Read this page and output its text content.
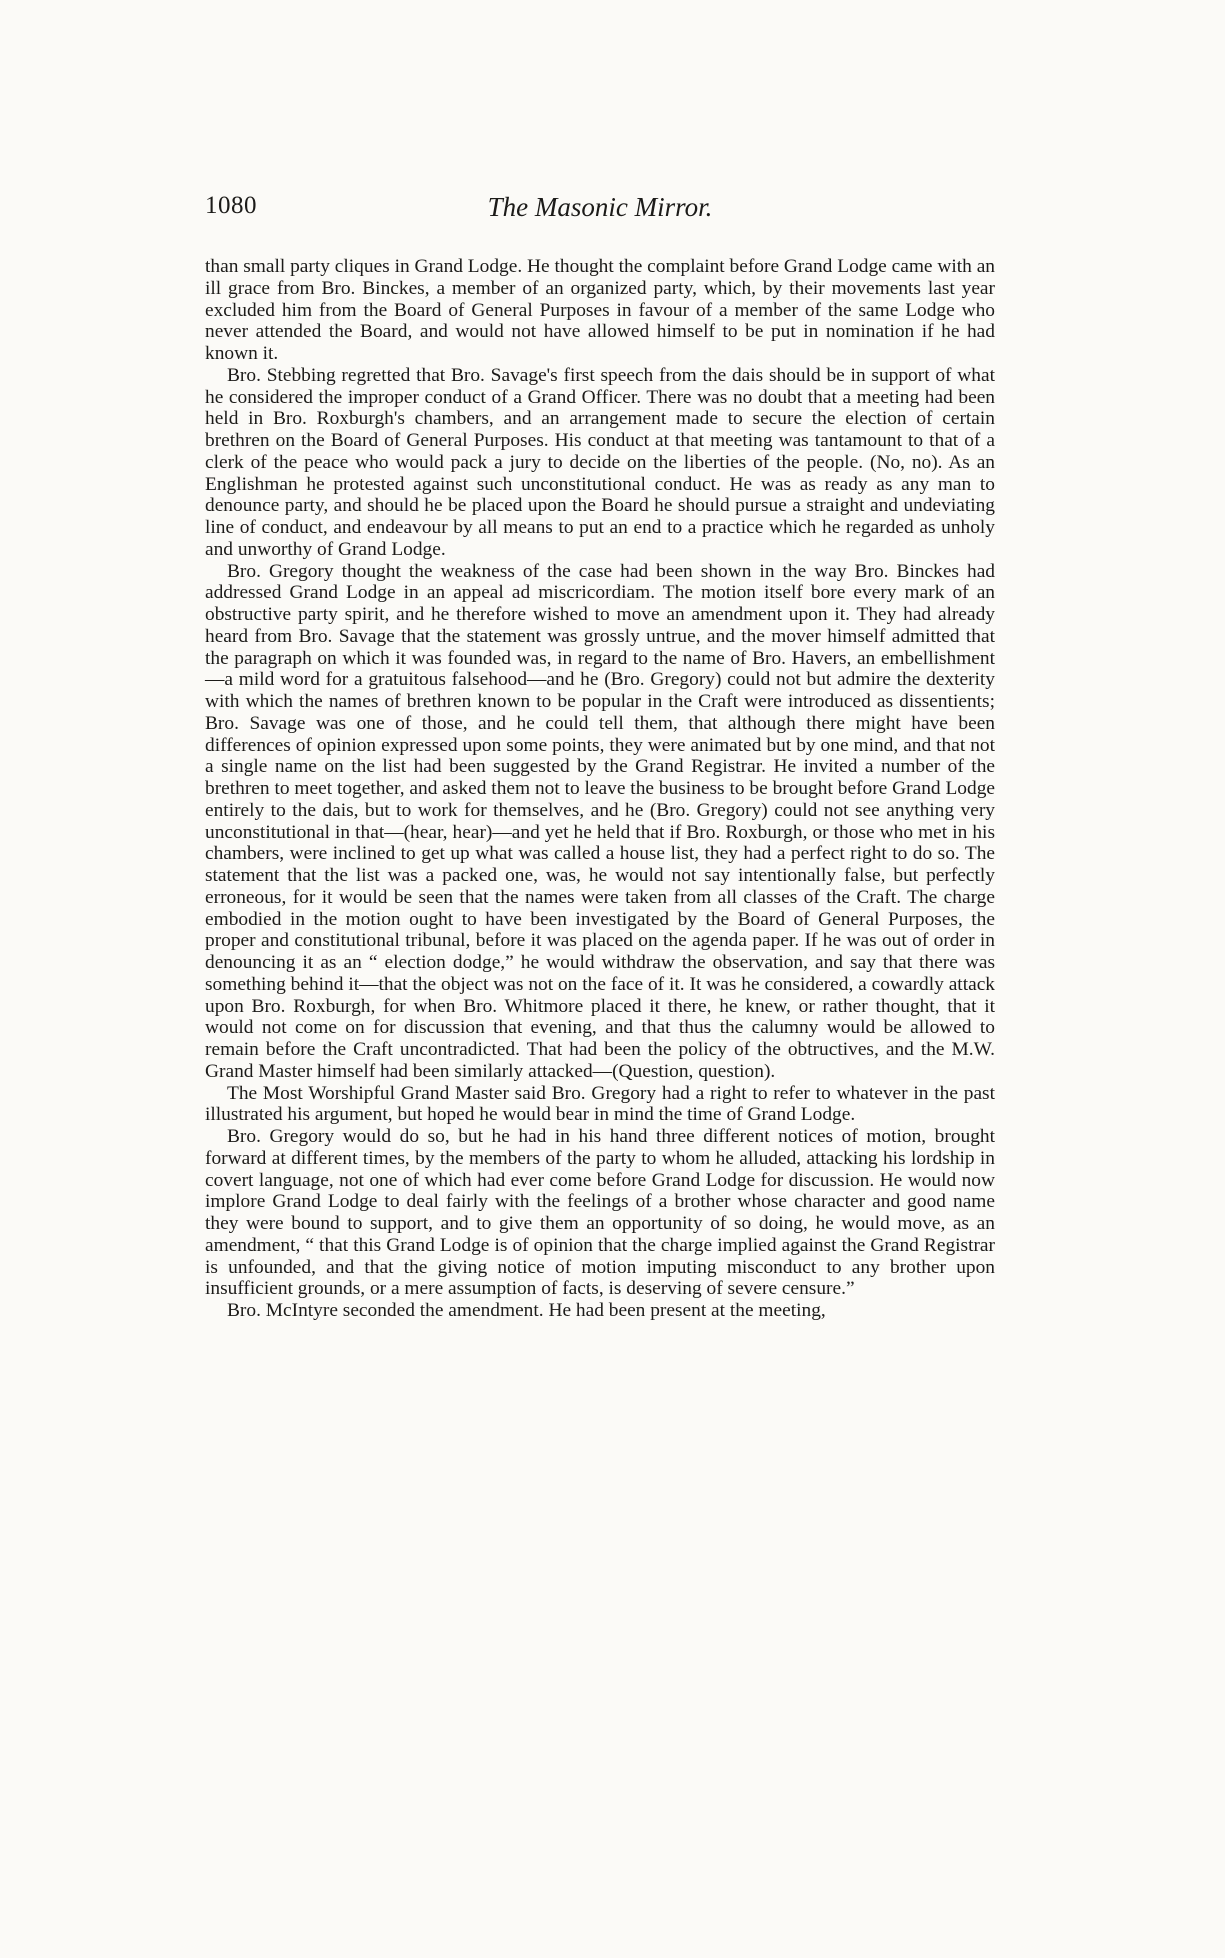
1080	The Masonic Mirror.

than small party cliques in Grand Lodge. He thought the complaint before Grand Lodge came with an ill grace from Bro. Binckes, a member of an organized party, which, by their movements last year excluded him from the Board of General Purposes in favour of a member of the same Lodge who never attended the Board, and would not have allowed himself to be put in nomination if he had known it.

Bro. Stebbing regretted that Bro. Savage's first speech from the dais should be in support of what he considered the improper conduct of a Grand Officer. There was no doubt that a meeting had been held in Bro. Roxburgh's chambers, and an arrangement made to secure the election of certain brethren on the Board of General Purposes. His conduct at that meeting was tantamount to that of a clerk of the peace who would pack a jury to decide on the liberties of the people. (No, no). As an Englishman he protested against such unconstitutional conduct. He was as ready as any man to denounce party, and should he be placed upon the Board he should pursue a straight and undeviating line of conduct, and endeavour by all means to put an end to a practice which he regarded as unholy and unworthy of Grand Lodge.

Bro. Gregory thought the weakness of the case had been shown in the way Bro. Binckes had addressed Grand Lodge in an appeal ad miscricordiam. The motion itself bore every mark of an obstructive party spirit, and he therefore wished to move an amendment upon it. They had already heard from Bro. Savage that the statement was grossly untrue, and the mover himself admitted that the paragraph on which it was founded was, in regard to the name of Bro. Havers, an embellishment—a mild word for a gratuitous falsehood—and he (Bro. Gregory) could not but admire the dexterity with which the names of brethren known to be popular in the Craft were introduced as dissentients; Bro. Savage was one of those, and he could tell them, that although there might have been differences of opinion expressed upon some points, they were animated but by one mind, and that not a single name on the list had been suggested by the Grand Registrar. He invited a number of the brethren to meet together, and asked them not to leave the business to be brought before Grand Lodge entirely to the dais, but to work for themselves, and he (Bro. Gregory) could not see anything very unconstitutional in that—(hear, hear)—and yet he held that if Bro. Roxburgh, or those who met in his chambers, were inclined to get up what was called a house list, they had a perfect right to do so. The statement that the list was a packed one, was, he would not say intentionally false, but perfectly erroneous, for it would be seen that the names were taken from all classes of the Craft. The charge embodied in the motion ought to have been investigated by the Board of General Purposes, the proper and constitutional tribunal, before it was placed on the agenda paper. If he was out of order in denouncing it as an “ election dodge,” he would withdraw the observation, and say that there was something behind it—that the object was not on the face of it. It was he considered, a cowardly attack upon Bro. Roxburgh, for when Bro. Whitmore placed it there, he knew, or rather thought, that it would not come on for discussion that evening, and that thus the calumny would be allowed to remain before the Craft uncontradicted. That had been the policy of the obtructives, and the M.W. Grand Master himself had been similarly attacked—(Question, question).

The Most Worshipful Grand Master said Bro. Gregory had a right to refer to whatever in the past illustrated his argument, but hoped he would bear in mind the time of Grand Lodge.

Bro. Gregory would do so, but he had in his hand three different notices of motion, brought forward at different times, by the members of the party to whom he alluded, attacking his lordship in covert language, not one of which had ever come before Grand Lodge for discussion. He would now implore Grand Lodge to deal fairly with the feelings of a brother whose character and good name they were bound to support, and to give them an opportunity of so doing, he would move, as an amendment, “ that this Grand Lodge is of opinion that the charge implied against the Grand Registrar is unfounded, and that the giving notice of motion imputing misconduct to any brother upon insufficient grounds, or a mere assumption of facts, is deserving of severe censure.”

Bro. McIntyre seconded the amendment. He had been present at the meeting,
